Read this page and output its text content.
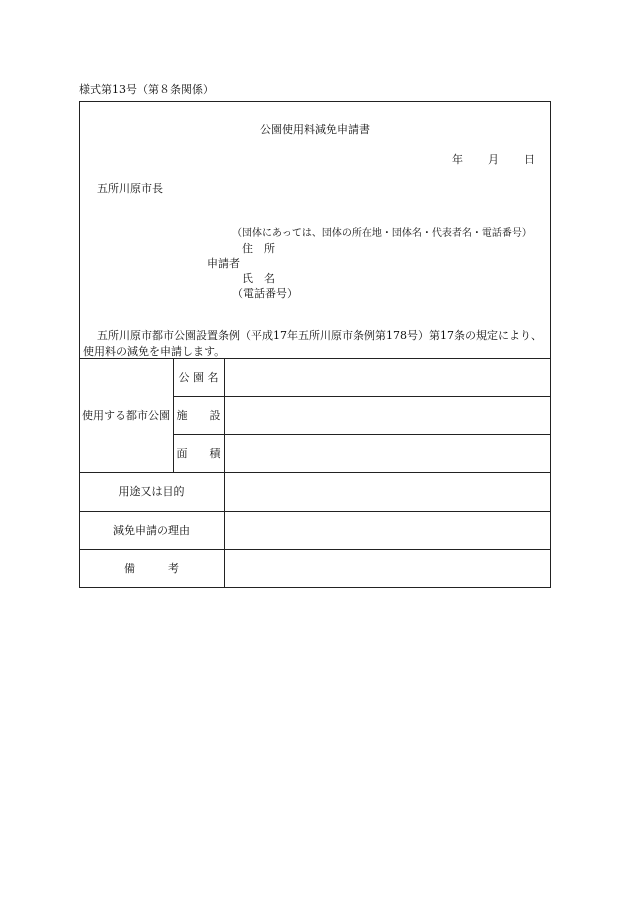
様式第13号（第８条関係）
公園使用料減免申請書
年 月 日
五所川原市長
（団体にあっては、団体の所在地・団体名・代表者名・電話番号）
住　所
申請者
氏　名
（電話番号）
五所川原市都市公園設置条例（平成17年五所川原市条例第178号）第17条の規定により、
使用料の減免を申請します。
使用する 都市公園
公 園 名
施　　設
面　　積
用途又は目的
減免申請の理由
備　　　考
